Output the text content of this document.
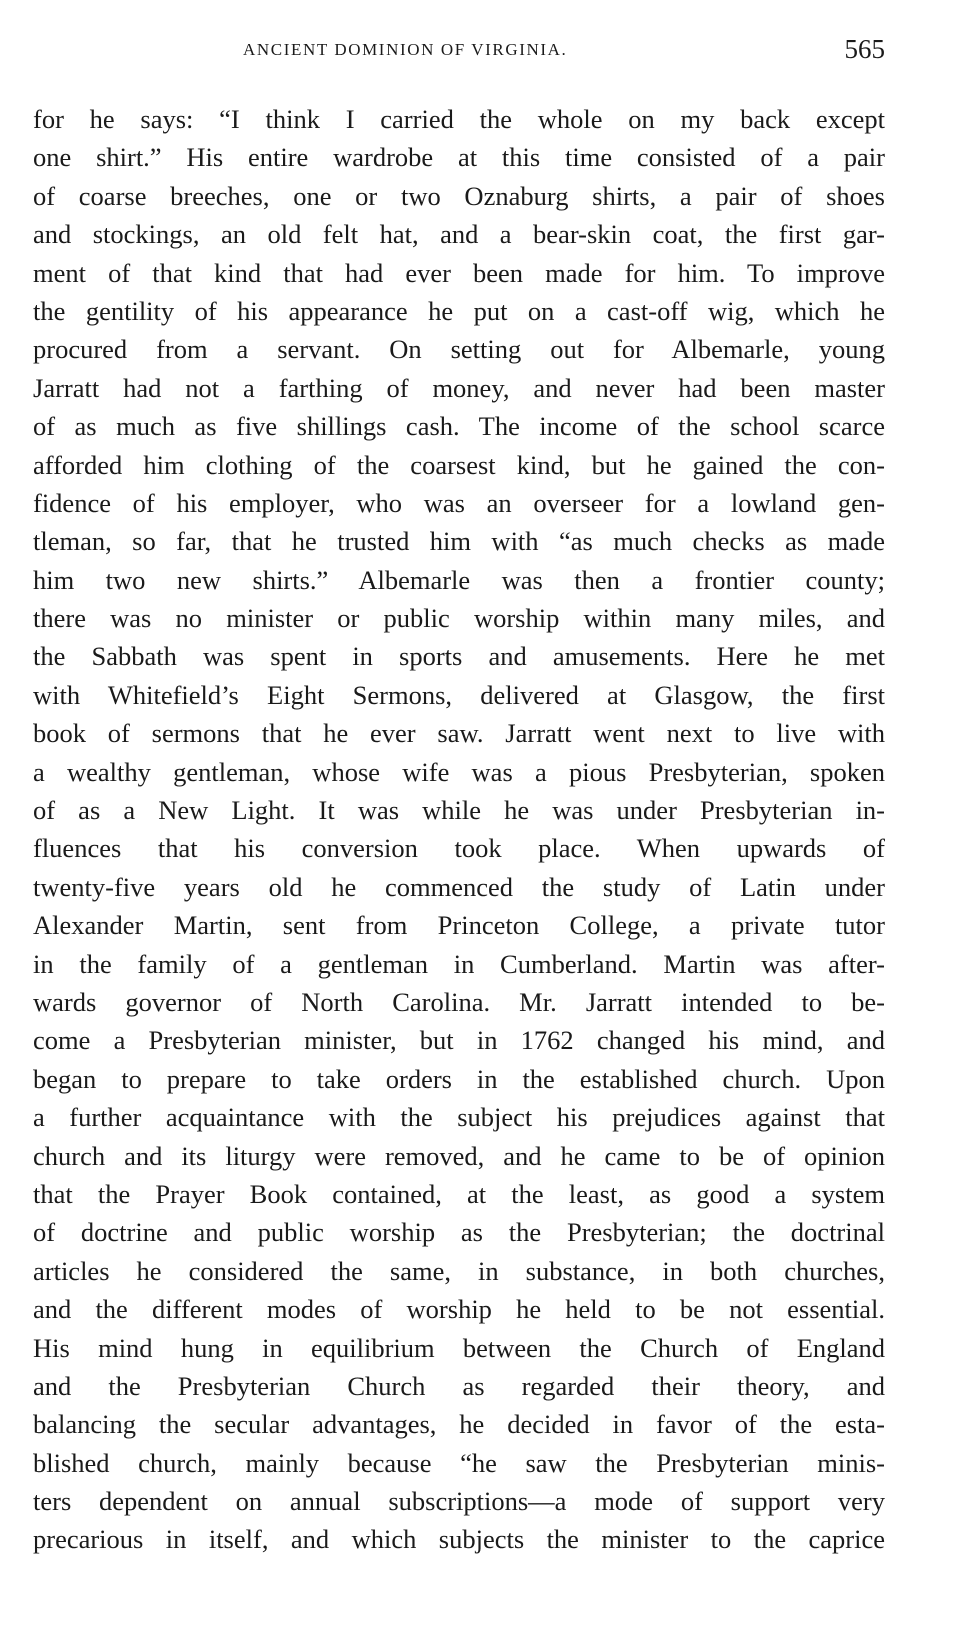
ANCIENT DOMINION OF VIRGINIA.	565
for he says: “I think I carried the whole on my back except
one shirt.” His entire wardrobe at this time consisted of a pair
of coarse breeches, one or two Oznaburg shirts, a pair of shoes
and stockings, an old felt hat, and a bear-skin coat, the first gar-
ment of that kind that had ever been made for him. To improve
the gentility of his appearance he put on a cast-off wig, which he
procured from a servant. On setting out for Albemarle, young
Jarratt had not a farthing of money, and never had been master
of as much as five shillings cash. The income of the school scarce
afforded him clothing of the coarsest kind, but he gained the con-
fidence of his employer, who was an overseer for a lowland gen-
tleman, so far, that he trusted him with “as much checks as made
him two new shirts.” Albemarle was then a frontier county;
there was no minister or public worship within many miles, and
the Sabbath was spent in sports and amusements. Here he met
with Whitefield’s Eight Sermons, delivered at Glasgow, the first
book of sermons that he ever saw. Jarratt went next to live with
a wealthy gentleman, whose wife was a pious Presbyterian, spoken
of as a New Light. It was while he was under Presbyterian in-
fluences that his conversion took place. When upwards of
twenty-five years old he commenced the study of Latin under
Alexander Martin, sent from Princeton College, a private tutor
in the family of a gentleman in Cumberland. Martin was after-
wards governor of North Carolina. Mr. Jarratt intended to be-
come a Presbyterian minister, but in 1762 changed his mind, and
began to prepare to take orders in the established church. Upon
a further acquaintance with the subject his prejudices against that
church and its liturgy were removed, and he came to be of opinion
that the Prayer Book contained, at the least, as good a system
of doctrine and public worship as the Presbyterian; the doctrinal
articles he considered the same, in substance, in both churches,
and the different modes of worship he held to be not essential.
His mind hung in equilibrium between the Church of England
and the Presbyterian Church as regarded their theory, and
balancing the secular advantages, he decided in favor of the esta-
blished church, mainly because “he saw the Presbyterian minis-
ters dependent on annual subscriptions—a mode of support very
precarious in itself, and which subjects the minister to the caprice
